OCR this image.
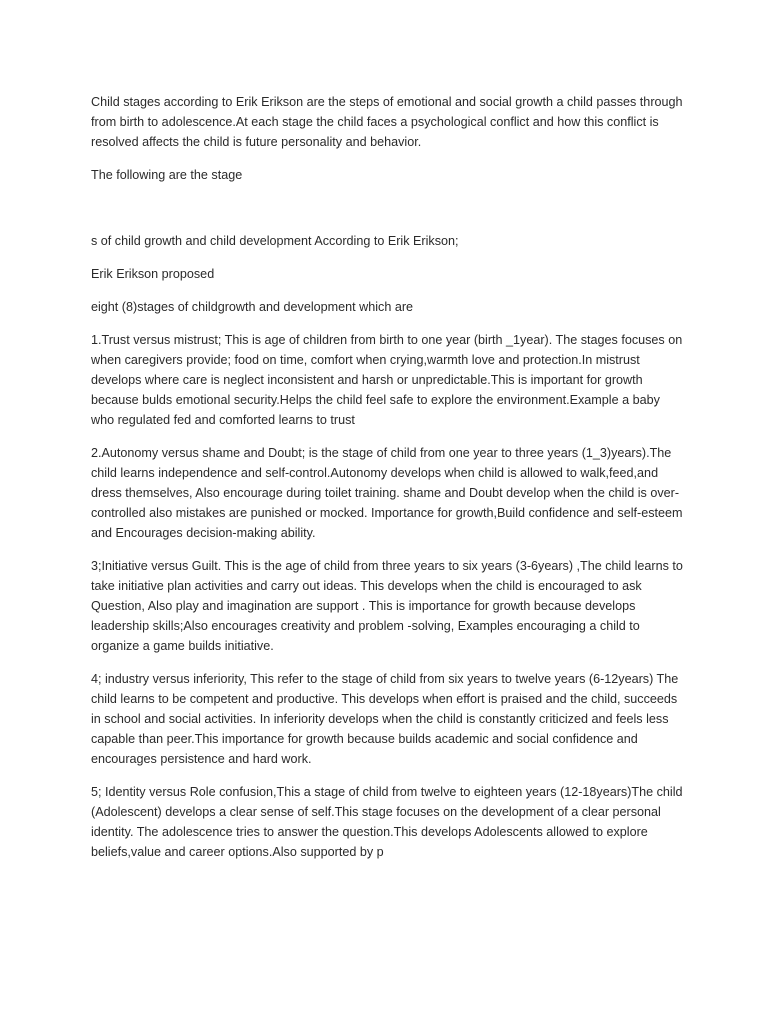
Child stages according to Erik Erikson are the steps of emotional and social growth a child passes through from birth to adolescence.At each stage the child faces a psychological conflict and how this conflict is resolved affects the child is future personality and behavior.

The following are the stage

s of child growth and child development According to Erik Erikson;

Erik Erikson proposed

eight (8)stages of childgrowth and development which are

1.Trust versus mistrust; This is age of children from birth to one year (birth _1year). The stages focuses on when caregivers provide; food on time, comfort when crying,warmth love and protection.In mistrust develops where care is neglect inconsistent and harsh or unpredictable.This is important for growth because bulds emotional security.Helps the child feel safe to explore the environment.Example a baby who regulated fed and comforted learns to trust

2.Autonomy versus shame and Doubt; is the stage of child from one year to three years (1_3)years).The child learns independence and self-control.Autonomy develops when child is allowed to walk,feed,and dress themselves, Also encourage during toilet training. shame and Doubt develop when the child is over-controlled also mistakes are punished or mocked. Importance for growth,Build confidence and self-esteem and Encourages decision-making ability.

3;Initiative versus Guilt. This is the age of child from three years to six years (3-6years) ,The child learns to take initiative plan activities and carry out ideas. This develops when the child is encouraged to ask Question, Also play and imagination are support . This is importance for growth because develops leadership skills;Also encourages creativity and problem -solving, Examples encouraging a child to organize a game builds initiative.

4; industry versus inferiority, This refer to the stage of child from six years to twelve years (6-12years) The child learns to be competent and productive. This develops when effort is praised and the child, succeeds in school and social activities. In inferiority develops when the child is constantly criticized and feels less capable than peer.This importance for growth because builds academic and social confidence and encourages persistence and hard work.

5; Identity versus Role confusion,This a stage of child from twelve to eighteen years (12-18years)The child (Adolescent) develops a clear sense of self.This stage focuses on the development of a clear personal identity. The adolescence tries to answer the question.This develops Adolescents allowed to explore beliefs,value and career options.Also supported by p
